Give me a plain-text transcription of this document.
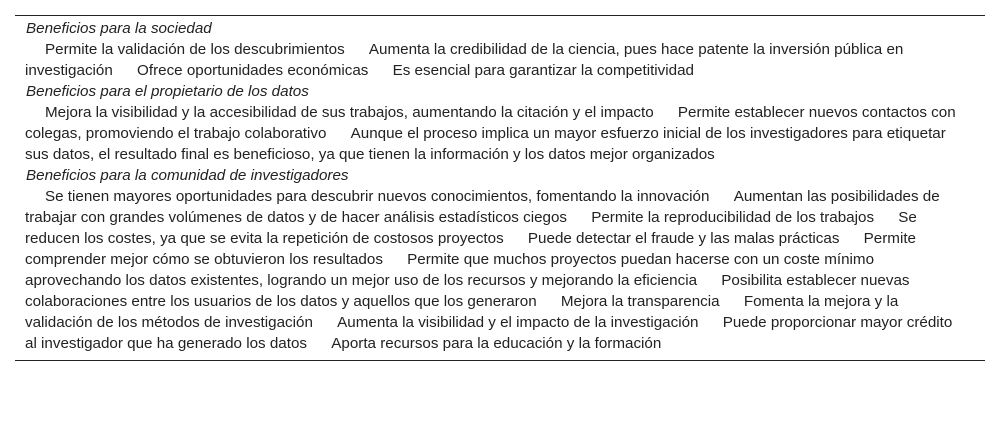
Beneficios para la sociedad
Permite la validación de los descubrimientos Aumenta la credibilidad de la ciencia, pues hace patente la inversión pública en investigación Ofrece oportunidades económicas Es esencial para garantizar la competitividad
Beneficios para el propietario de los datos
Mejora la visibilidad y la accesibilidad de sus trabajos, aumentando la citación y el impacto Permite establecer nuevos contactos con colegas, promoviendo el trabajo colaborativo Aunque el proceso implica un mayor esfuerzo inicial de los investigadores para etiquetar sus datos, el resultado final es beneficioso, ya que tienen la información y los datos mejor organizados
Beneficios para la comunidad de investigadores
Se tienen mayores oportunidades para descubrir nuevos conocimientos, fomentando la innovación Aumentan las posibilidades de trabajar con grandes volúmenes de datos y de hacer análisis estadísticos ciegos Permite la reproducibilidad de los trabajos Se reducen los costes, ya que se evita la repetición de costosos proyectos Puede detectar el fraude y las malas prácticas Permite comprender mejor cómo se obtuvieron los resultados Permite que muchos proyectos puedan hacerse con un coste mínimo aprovechando los datos existentes, logrando un mejor uso de los recursos y mejorando la eficiencia Posibilita establecer nuevas colaboraciones entre los usuarios de los datos y aquellos que los generaron Mejora la transparencia Fomenta la mejora y la validación de los métodos de investigación Aumenta la visibilidad y el impacto de la investigación Puede proporcionar mayor crédito al investigador que ha generado los datos Aporta recursos para la educación y la formación
